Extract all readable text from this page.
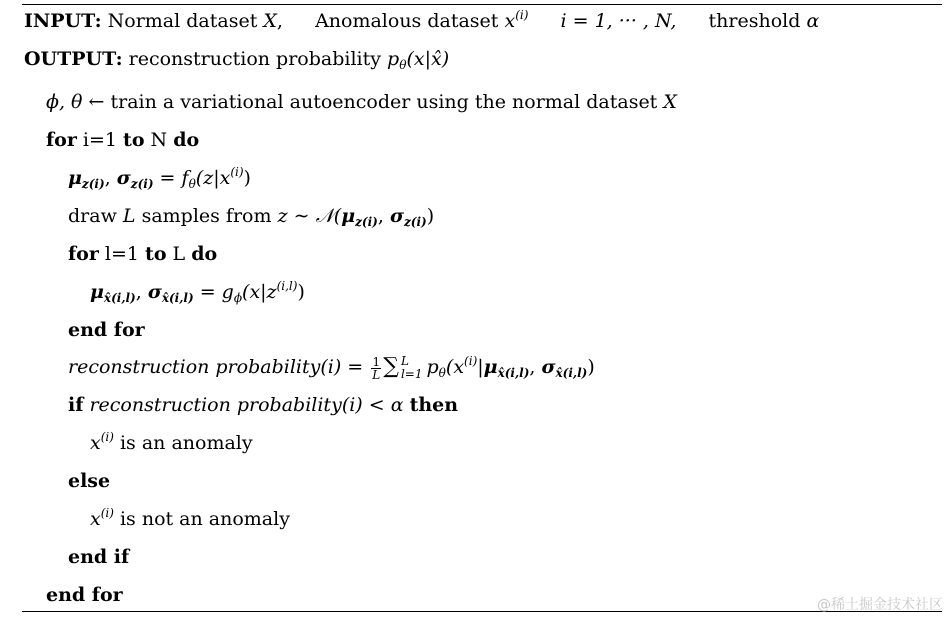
INPUT: Normal dataset X, Anomalous dataset $x^{(i)}$ i = 1, ··· , N, threshold α
OUTPUT: reconstruction probability $p_\theta(x|x̂)$
ϕ, θ ← train a variational autoencoder using the normal dataset X
for i=1 to N do
$\mu_{z(i)}$, $\sigma_{z(i)} = f_\theta(z|x^{(i)})$
draw L samples from z ∼ $𝒩(\mu_{z(i)}$, $\sigma_{z(i)}$)
for l=1 to L do
$\mu_{x̂(i,l)}$, $\sigma_{x̂(i,l)} = g_\phi(x|z^{(i,l)})$
end for
reconstruction probability(i) = $\frac{1}{L}$ ∑ L
l=1 $p_\theta(x^{(i)}|\mu_{x̂(i,l)}$, $\sigma_{x̂(i,l)}$)
if reconstruction probability(i) < α then
$x^{(i)}$ is an anomaly
else
$x^{(i)}$ is not an anomaly
end if
end for	@稀土掘金技术社区
